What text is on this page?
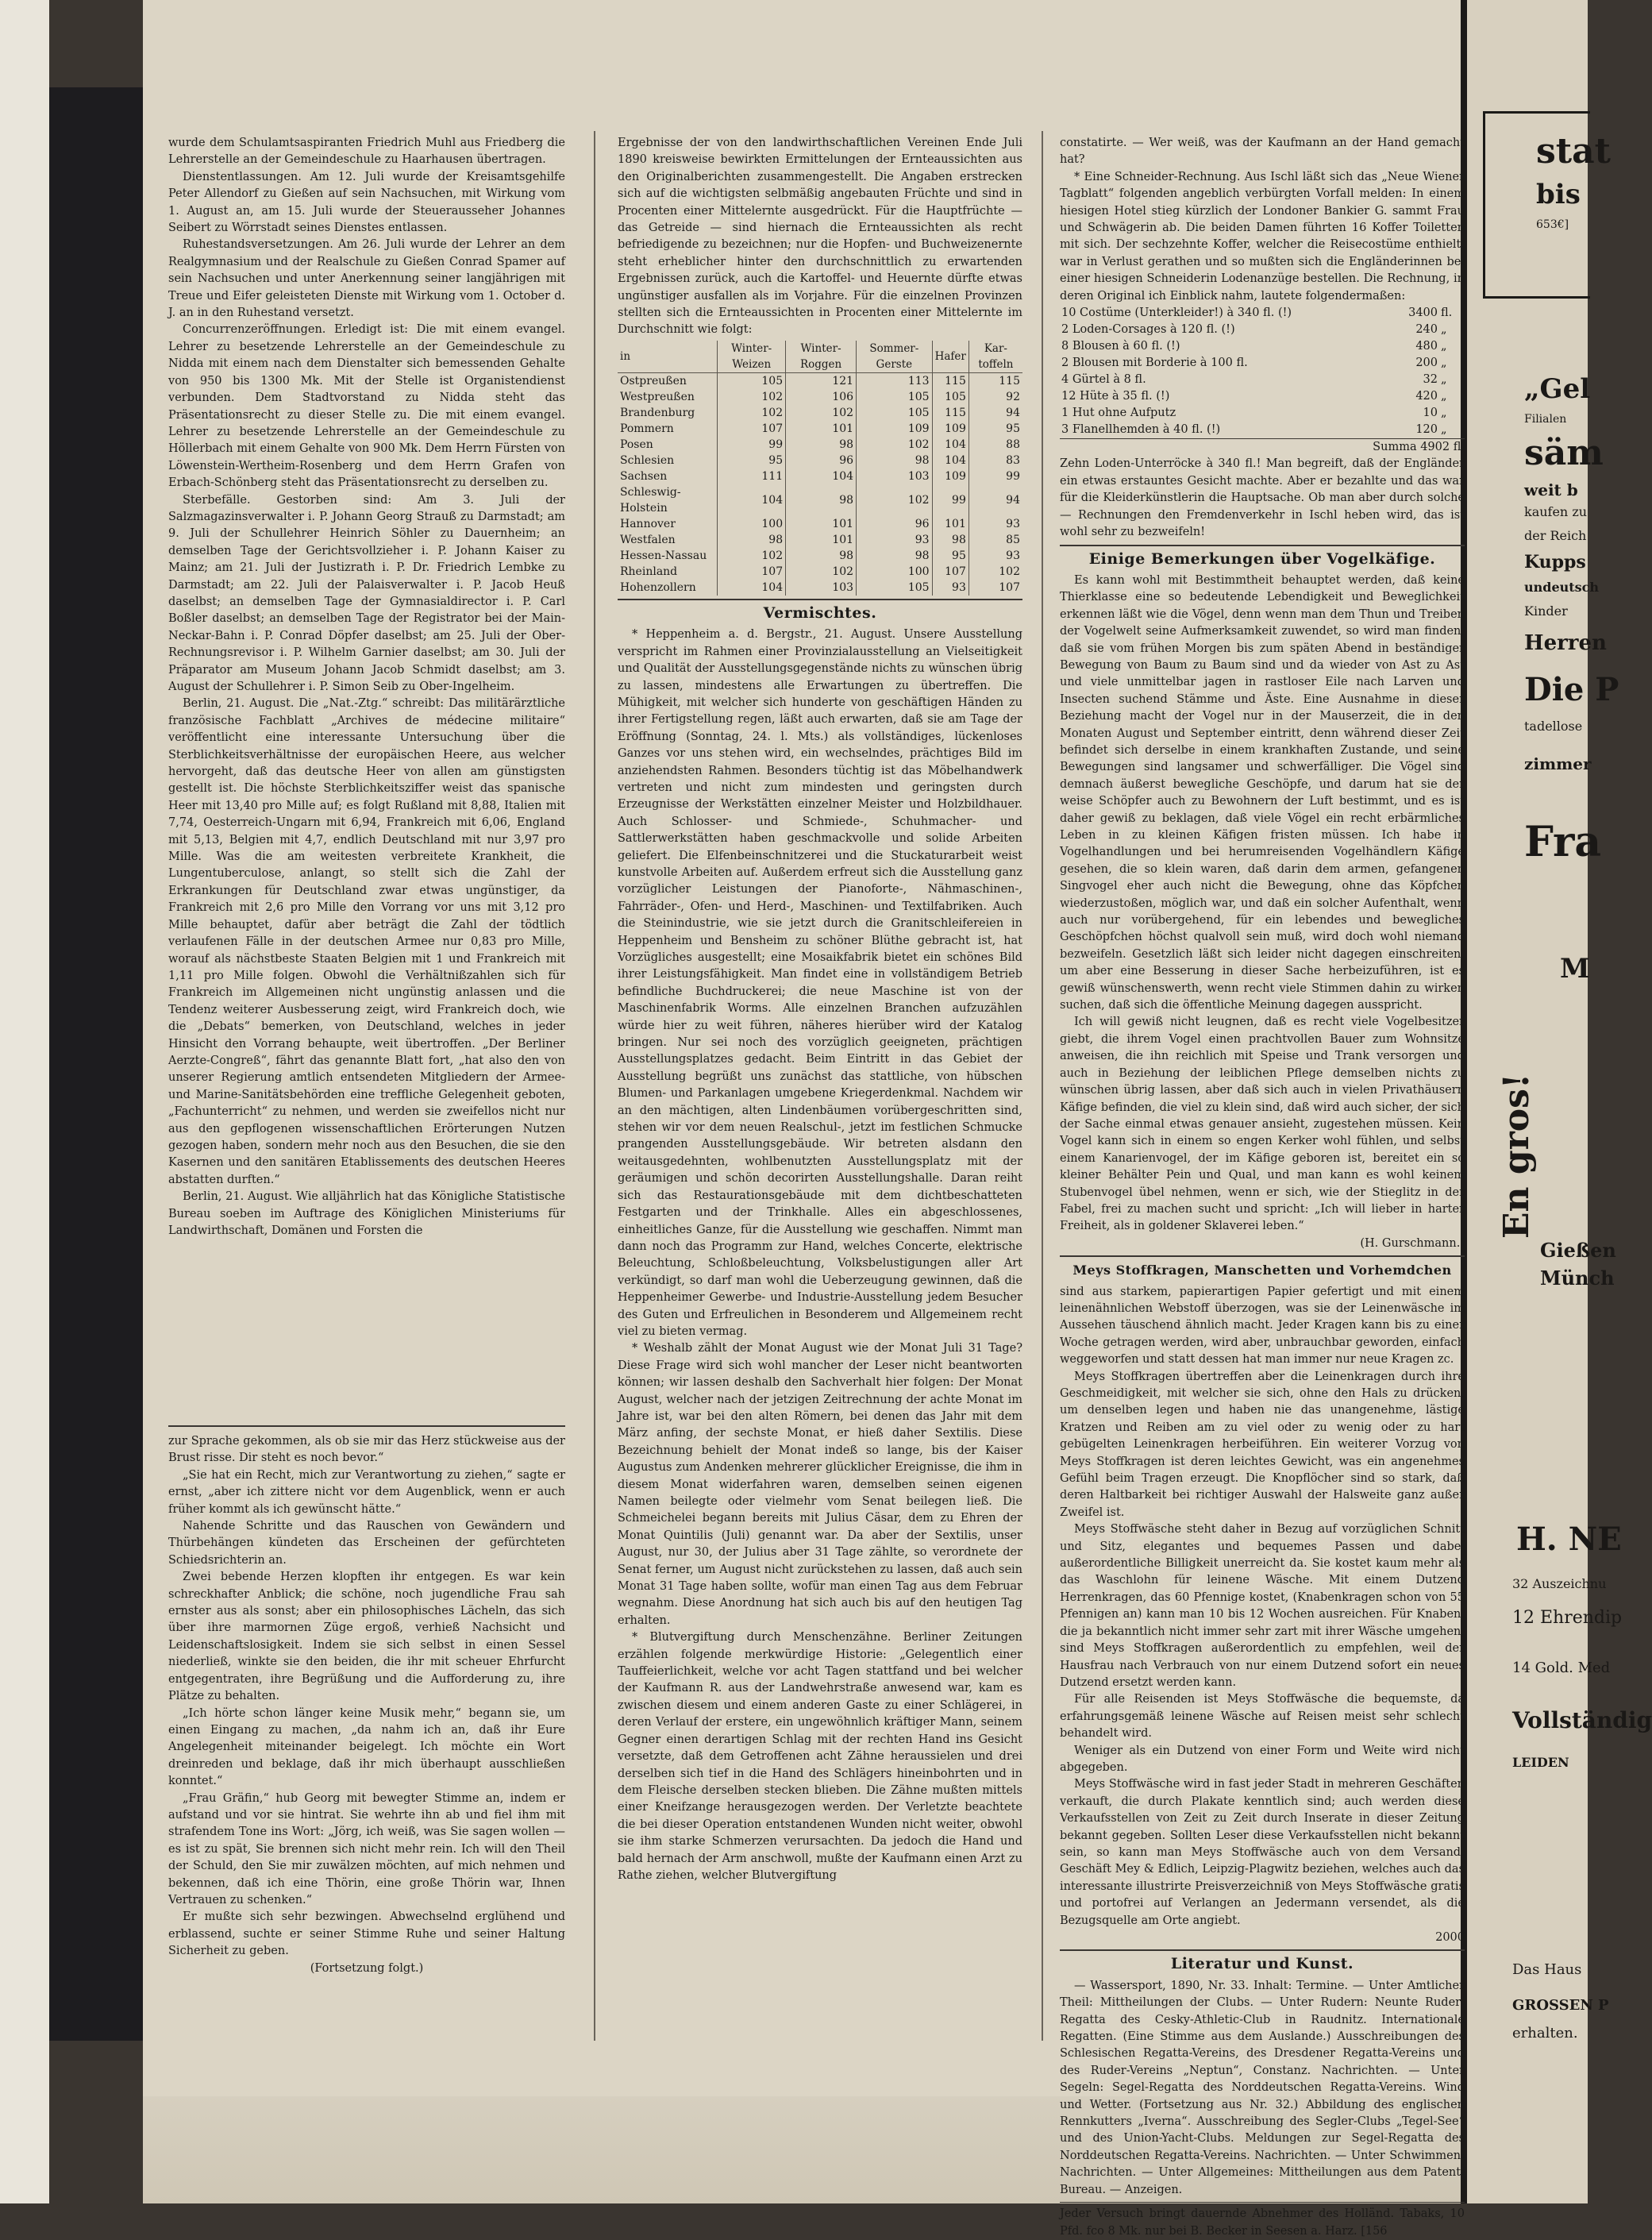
wurde dem Schulamtsaspiranten Friedrich Muhl aus Friedberg die Lehrerstelle an der Gemeindeschule zu Haarhausen übertragen.

Dienstentlassungen. Am 12. Juli wurde der Kreisamtsgehilfe Peter Allendorf zu Gießen auf sein Nachsuchen, mit Wirkung vom 1. August an, am 15. Juli wurde der Steuerausseher Johannes Seibert zu Wörrstadt seines Dienstes entlassen.

Ruhestandsversetzungen. Am 26. Juli wurde der Lehrer an dem Realgymnasium und der Realschule zu Gießen Conrad Spamer auf sein Nachsuchen und unter Anerkennung seiner langjährigen mit Treue und Eifer geleisteten Dienste mit Wirkung vom 1. October d. J. an in den Ruhestand versetzt.

Concurrenzeröffnungen. Erledigt ist: Die mit einem evangel. Lehrer zu besetzende Lehrerstelle an der Gemeindeschule zu Nidda mit einem nach dem Dienstalter sich bemessenden Gehalte von 950 bis 1300 Mk. Mit der Stelle ist Organistendienst verbunden. Dem Stadtvorstand zu Nidda steht das Präsentationsrecht zu dieser Stelle zu. Die mit einem evangel. Lehrer zu besetzende Lehrerstelle an der Gemeindeschule zu Höllerbach mit einem Gehalte von 900 Mk. Dem Herrn Fürsten von Löwenstein-Wertheim-Rosenberg und dem Herrn Grafen von Erbach-Schönberg steht das Präsentationsrecht zu derselben zu.

Sterbefälle. Gestorben sind: Am 3. Juli der Salzmagazinsverwalter i. P. Johann Georg Strauß zu Darmstadt; am 9. Juli der Schullehrer Heinrich Söhler zu Dauernheim; an demselben Tage der Gerichtsvollzieher i. P. Johann Kaiser zu Mainz; am 21. Juli der Justizrath i. P. Dr. Friedrich Lembke zu Darmstadt; am 22. Juli der Palaisverwalter i. P. Jacob Heuß daselbst; an demselben Tage der Gymnasialdirector i. P. Carl Boßler daselbst; an demselben Tage der Registrator bei der Main-Neckar-Bahn i. P. Conrad Döpfer daselbst; am 25. Juli der Ober-Rechnungsrevisor i. P. Wilhelm Garnier daselbst; am 30. Juli der Präparator am Museum Johann Jacob Schmidt daselbst; am 3. August der Schullehrer i. P. Simon Seib zu Ober-Ingelheim.

Berlin, 21. August. Die „Nat.-Ztg.“ schreibt: Das militärärztliche französische Fachblatt „Archives de médecine militaire“ veröffentlicht eine interessante Untersuchung über die Sterblichkeitsverhältnisse der europäischen Heere, aus welcher hervorgeht, daß das deutsche Heer von allen am günstigsten gestellt ist. Die höchste Sterblichkeitsziffer weist das spanische Heer mit 13,40 pro Mille auf; es folgt Rußland mit 8,88, Italien mit 7,74, Oesterreich-Ungarn mit 6,94, Frankreich mit 6,06, England mit 5,13, Belgien mit 4,7, endlich Deutschland mit nur 3,97 pro Mille. Was die am weitesten verbreitete Krankheit, die Lungentuberculose, anlangt, so stellt sich die Zahl der Erkrankungen für Deutschland zwar etwas ungünstiger, da Frankreich mit 2,6 pro Mille den Vorrang vor uns mit 3,12 pro Mille behauptet, dafür aber beträgt die Zahl der tödtlich verlaufenen Fälle in der deutschen Armee nur 0,83 pro Mille, worauf als nächstbeste Staaten Belgien mit 1 und Frankreich mit 1,11 pro Mille folgen. Obwohl die Verhältnißzahlen sich für Frankreich im Allgemeinen nicht ungünstig anlassen und die Tendenz weiterer Ausbesserung zeigt, wird Frankreich doch, wie die „Debats“ bemerken, von Deutschland, welches in jeder Hinsicht den Vorrang behaupte, weit übertroffen. „Der Berliner Aerzte-Congreß“, fährt das genannte Blatt fort, „hat also den von unserer Regierung amtlich entsendeten Mitgliedern der Armee- und Marine-Sanitätsbehörden eine treffliche Gelegenheit geboten, „Fachunterricht“ zu nehmen, und werden sie zweifellos nicht nur aus den gepflogenen wissenschaftlichen Erörterungen Nutzen gezogen haben, sondern mehr noch aus den Besuchen, die sie den Kasernen und den sanitären Etablissements des deutschen Heeres abstatten durften.“

Berlin, 21. August. Wie alljährlich hat das Königliche Statistische Bureau soeben im Auftrage des Königlichen Ministeriums für Landwirthschaft, Domänen und Forsten die

zur Sprache gekommen, als ob sie mir das Herz stückweise aus der Brust risse. Dir steht es noch bevor.“

„Sie hat ein Recht, mich zur Verantwortung zu ziehen,“ sagte er ernst, „aber ich zittere nicht vor dem Augenblick, wenn er auch früher kommt als ich gewünscht hätte.“

Nahende Schritte und das Rauschen von Gewändern und Thürbehängen kündeten das Erscheinen der gefürchteten Schiedsrichterin an.

Zwei bebende Herzen klopften ihr entgegen. Es war kein schreckhafter Anblick; die schöne, noch jugendliche Frau sah ernster aus als sonst; aber ein philosophisches Lächeln, das sich über ihre marmornen Züge ergoß, verhieß Nachsicht und Leidenschaftslosigkeit. Indem sie sich selbst in einen Sessel niederließ, winkte sie den beiden, die ihr mit scheuer Ehrfurcht entgegentraten, ihre Begrüßung und die Aufforderung zu, ihre Plätze zu behalten.

„Ich hörte schon länger keine Musik mehr,“ begann sie, um einen Eingang zu machen, „da nahm ich an, daß ihr Eure Angelegenheit miteinander beigelegt. Ich möchte ein Wort dreinreden und beklage, daß ihr mich überhaupt ausschließen konntet.“

„Frau Gräfin,“ hub Georg mit bewegter Stimme an, indem er aufstand und vor sie hintrat. Sie wehrte ihn ab und fiel ihm mit strafendem Tone ins Wort: „Jörg, ich weiß, was Sie sagen wollen — es ist zu spät, Sie brennen sich nicht mehr rein. Ich will den Theil der Schuld, den Sie mir zuwälzen möchten, auf mich nehmen und bekennen, daß ich eine Thörin, eine große Thörin war, Ihnen Vertrauen zu schenken.“

Er mußte sich sehr bezwingen. Abwechselnd erglühend und erblassend, suchte er seiner Stimme Ruhe und seiner Haltung Sicherheit zu geben.

(Fortsetzung folgt.)

Ergebnisse der von den landwirthschaftlichen Vereinen Ende Juli 1890 kreisweise bewirkten Ermittelungen der Ernteaussichten aus den Originalberichten zusammengestellt. Die Angaben erstrecken sich auf die wichtigsten selbmäßig angebauten Früchte und sind in Procenten einer Mittelernte ausgedrückt. Für die Hauptfrüchte — das Getreide — sind hiernach die Ernteaussichten als recht befriedigende zu bezeichnen; nur die Hopfen- und Buchweizenernte steht erheblicher hinter den durchschnittlich zu erwartenden Ergebnissen zurück, auch die Kartoffel- und Heuernte dürfte etwas ungünstiger ausfallen als im Vorjahre. Für die einzelnen Provinzen stellten sich die Ernteaussichten in Procenten einer Mittelernte im Durchschnitt wie folgt:

in	Winter-Weizen	Winter-Roggen	Sommer-Gerste	Hafer	Kar-toffeln
Ostpreußen	105	121	113	115	115
Westpreußen	102	106	105	105	92
Brandenburg	102	102	105	115	94
Pommern	107	101	109	109	95
Posen	99	98	102	104	88
Schlesien	95	96	98	104	83
Sachsen	111	104	103	109	99
Schleswig-Holstein	104	98	102	99	94
Hannover	100	101	96	101	93
Westfalen	98	101	93	98	85
Hessen-Nassau	102	98	98	95	93
Rheinland	107	102	100	107	102
Hohenzollern	104	103	105	93	107
Vermischtes.

* Heppenheim a. d. Bergstr., 21. August. Unsere Ausstellung verspricht im Rahmen einer Provinzialausstellung an Vielseitigkeit und Qualität der Ausstellungsgegenstände nichts zu wünschen übrig zu lassen, mindestens alle Erwartungen zu übertreffen. Die Mühigkeit, mit welcher sich hunderte von geschäftigen Händen zu ihrer Fertigstellung regen, läßt auch erwarten, daß sie am Tage der Eröffnung (Sonntag, 24. l. Mts.) als vollständiges, lückenloses Ganzes vor uns stehen wird, ein wechselndes, prächtiges Bild im anziehendsten Rahmen. Besonders tüchtig ist das Möbelhandwerk vertreten und nicht zum mindesten und geringsten durch Erzeugnisse der Werkstätten einzelner Meister und Holzbildhauer. Auch Schlosser- und Schmiede-, Schuhmacher- und Sattlerwerkstätten haben geschmackvolle und solide Arbeiten geliefert. Die Elfenbeinschnitzerei und die Stuckaturarbeit weist kunstvolle Arbeiten auf. Außerdem erfreut sich die Ausstellung ganz vorzüglicher Leistungen der Pianoforte-, Nähmaschinen-, Fahrräder-, Ofen- und Herd-, Maschinen- und Textilfabriken. Auch die Steinindustrie, wie sie jetzt durch die Granitschleifereien in Heppenheim und Bensheim zu schöner Blüthe gebracht ist, hat Vorzügliches ausgestellt; eine Mosaikfabrik bietet ein schönes Bild ihrer Leistungsfähigkeit. Man findet eine in vollständigem Betrieb befindliche Buchdruckerei; die neue Maschine ist von der Maschinenfabrik Worms. Alle einzelnen Branchen aufzuzählen würde hier zu weit führen, näheres hierüber wird der Katalog bringen. Nur sei noch des vorzüglich geeigneten, prächtigen Ausstellungsplatzes gedacht. Beim Eintritt in das Gebiet der Ausstellung begrüßt uns zunächst das stattliche, von hübschen Blumen- und Parkanlagen umgebene Kriegerdenkmal. Nachdem wir an den mächtigen, alten Lindenbäumen vorübergeschritten sind, stehen wir vor dem neuen Realschul-, jetzt im festlichen Schmucke prangenden Ausstellungsgebäude. Wir betreten alsdann den weitausgedehnten, wohlbenutzten Ausstellungsplatz mit der geräumigen und schön decorirten Ausstellungshalle. Daran reiht sich das Restaurationsgebäude mit dem dichtbeschatteten Festgarten und der Trinkhalle. Alles ein abgeschlossenes, einheitliches Ganze, für die Ausstellung wie geschaffen. Nimmt man dann noch das Programm zur Hand, welches Concerte, elektrische Beleuchtung, Schloßbeleuchtung, Volksbelustigungen aller Art verkündigt, so darf man wohl die Ueberzeugung gewinnen, daß die Heppenheimer Gewerbe- und Industrie-Ausstellung jedem Besucher des Guten und Erfreulichen in Besonderem und Allgemeinem recht viel zu bieten vermag.

* Weshalb zählt der Monat August wie der Monat Juli 31 Tage? Diese Frage wird sich wohl mancher der Leser nicht beantworten können; wir lassen deshalb den Sachverhalt hier folgen: Der Monat August, welcher nach der jetzigen Zeitrechnung der achte Monat im Jahre ist, war bei den alten Römern, bei denen das Jahr mit dem März anfing, der sechste Monat, er hieß daher Sextilis. Diese Bezeichnung behielt der Monat indeß so lange, bis der Kaiser Augustus zum Andenken mehrerer glücklicher Ereignisse, die ihm in diesem Monat widerfahren waren, demselben seinen eigenen Namen beilegte oder vielmehr vom Senat beilegen ließ. Die Schmeichelei begann bereits mit Julius Cäsar, dem zu Ehren der Monat Quintilis (Juli) genannt war. Da aber der Sextilis, unser August, nur 30, der Julius aber 31 Tage zählte, so verordnete der Senat ferner, um August nicht zurückstehen zu lassen, daß auch sein Monat 31 Tage haben sollte, wofür man einen Tag aus dem Februar wegnahm. Diese Anordnung hat sich auch bis auf den heutigen Tag erhalten.

* Blutvergiftung durch Menschenzähne. Berliner Zeitungen erzählen folgende merkwürdige Historie: „Gelegentlich einer Tauffeierlichkeit, welche vor acht Tagen stattfand und bei welcher der Kaufmann R. aus der Landwehrstraße anwesend war, kam es zwischen diesem und einem anderen Gaste zu einer Schlägerei, in deren Verlauf der erstere, ein ungewöhnlich kräftiger Mann, seinem Gegner einen derartigen Schlag mit der rechten Hand ins Gesicht versetzte, daß dem Getroffenen acht Zähne heraussielen und drei derselben sich tief in die Hand des Schlägers hineinbohrten und in dem Fleische derselben stecken blieben. Die Zähne mußten mittels einer Kneifzange herausgezogen werden. Der Verletzte beachtete die bei dieser Operation entstandenen Wunden nicht weiter, obwohl sie ihm starke Schmerzen verursachten. Da jedoch die Hand und bald hernach der Arm anschwoll, mußte der Kaufmann einen Arzt zu Rathe ziehen, welcher Blutvergiftung

constatirte. — Wer weiß, was der Kaufmann an der Hand gemacht hat?

* Eine Schneider-Rechnung. Aus Ischl läßt sich das „Neue Wiener Tagblatt“ folgenden angeblich verbürgten Vorfall melden: In einem hiesigen Hotel stieg kürzlich der Londoner Bankier G. sammt Frau und Schwägerin ab. Die beiden Damen führten 16 Koffer Toiletten mit sich. Der sechzehnte Koffer, welcher die Reisecostüme enthielt, war in Verlust gerathen und so mußten sich die Engländerinnen bei einer hiesigen Schneiderin Lodenanzüge bestellen. Die Rechnung, in deren Original ich Einblick nahm, lautete folgendermaßen:

10 Costüme (Unterkleider!) à 340 fl. (!)	3400	fl.
2 Loden-Corsages à 120 fl. (!)	240	„
8 Blousen à 60 fl. (!)	480	„
2 Blousen mit Borderie à 100 fl.	200	„
4 Gürtel à 8 fl.	32	„
12 Hüte à 35 fl. (!)	420	„
1 Hut ohne Aufputz	10	„
3 Flanellhemden à 40 fl. (!)	120	„

Summa 4902 fl.

Zehn Loden-Unterröcke à 340 fl.! Man begreift, daß der Engländer ein etwas erstauntes Gesicht machte. Aber er bezahlte und das war für die Kleiderkünstlerin die Hauptsache. Ob man aber durch solche — Rechnungen den Fremdenverkehr in Ischl heben wird, das ist wohl sehr zu bezweifeln!

Einige Bemerkungen über Vogelkäfige.

Es kann wohl mit Bestimmtheit behauptet werden, daß keine Thierklasse eine so bedeutende Lebendigkeit und Beweglichkeit erkennen läßt wie die Vögel, denn wenn man dem Thun und Treiben der Vogelwelt seine Aufmerksamkeit zuwendet, so wird man finden, daß sie vom frühen Morgen bis zum späten Abend in beständiger Bewegung von Baum zu Baum sind und da wieder von Ast zu Ast und viele unmittelbar jagen in rastloser Eile nach Larven und Insecten suchend Stämme und Äste. Eine Ausnahme in dieser Beziehung macht der Vogel nur in der Mauserzeit, die in den Monaten August und September eintritt, denn während dieser Zeit befindet sich derselbe in einem krankhaften Zustande, und seine Bewegungen sind langsamer und schwerfälliger. Die Vögel sind demnach äußerst bewegliche Geschöpfe, und darum hat sie der weise Schöpfer auch zu Bewohnern der Luft bestimmt, und es ist daher gewiß zu beklagen, daß viele Vögel ein recht erbärmliches Leben in zu kleinen Käfigen fristen müssen. Ich habe in Vogelhandlungen und bei herumreisenden Vogelhändlern Käfige gesehen, die so klein waren, daß darin dem armen, gefangenen Singvogel eher auch nicht die Bewegung, ohne das Köpfchen wiederzustoßen, möglich war, und daß ein solcher Aufenthalt, wenn auch nur vorübergehend, für ein lebendes und bewegliches Geschöpfchen höchst qualvoll sein muß, wird doch wohl niemand bezweifeln. Gesetzlich läßt sich leider nicht dagegen einschreiten, um aber eine Besserung in dieser Sache herbeizuführen, ist es gewiß wünschenswerth, wenn recht viele Stimmen dahin zu wirken suchen, daß sich die öffentliche Meinung dagegen ausspricht.

Ich will gewiß nicht leugnen, daß es recht viele Vogelbesitzer giebt, die ihrem Vogel einen prachtvollen Bauer zum Wohnsitze anweisen, die ihn reichlich mit Speise und Trank versorgen und auch in Beziehung der leiblichen Pflege demselben nichts zu wünschen übrig lassen, aber daß sich auch in vielen Privathäusern Käfige befinden, die viel zu klein sind, daß wird auch sicher, der sich der Sache einmal etwas genauer ansieht, zugestehen müssen. Kein Vogel kann sich in einem so engen Kerker wohl fühlen, und selbst einem Kanarienvogel, der im Käfige geboren ist, bereitet ein so kleiner Behälter Pein und Qual, und man kann es wohl keinem Stubenvogel übel nehmen, wenn er sich, wie der Stieglitz in der Fabel, frei zu machen sucht und spricht: „Ich will lieber in harter Freiheit, als in goldener Sklaverei leben.“

(H. Gurschmann.)

Meys Stoffkragen, Manschetten und Vorhemdchen

sind aus starkem, papierartigen Papier gefertigt und mit einem leinenähnlichen Webstoff überzogen, was sie der Leinenwäsche im Aussehen täuschend ähnlich macht. Jeder Kragen kann bis zu einer Woche getragen werden, wird aber, unbrauchbar geworden, einfach weggeworfen und statt dessen hat man immer nur neue Kragen zc.

Meys Stoffkragen übertreffen aber die Leinenkragen durch ihre Geschmeidigkeit, mit welcher sie sich, ohne den Hals zu drücken, um denselben legen und haben nie das unangenehme, lästige Kratzen und Reiben am zu viel oder zu wenig oder zu hart gebügelten Leinenkragen herbeiführen. Ein weiterer Vorzug von Meys Stoffkragen ist deren leichtes Gewicht, was ein angenehmes Gefühl beim Tragen erzeugt. Die Knopflöcher sind so stark, daß deren Haltbarkeit bei richtiger Auswahl der Halsweite ganz außer Zweifel ist.

Meys Stoffwäsche steht daher in Bezug auf vorzüglichen Schnitt und Sitz, elegantes und bequemes Passen und dabei außerordentliche Billigkeit unerreicht da. Sie kostet kaum mehr als das Waschlohn für leinene Wäsche. Mit einem Dutzend Herrenkragen, das 60 Pfennige kostet, (Knabenkragen schon von 55 Pfennigen an) kann man 10 bis 12 Wochen ausreichen. Für Knaben, die ja bekanntlich nicht immer sehr zart mit ihrer Wäsche umgehen, sind Meys Stoffkragen außerordentlich zu empfehlen, weil der Hausfrau nach Verbrauch von nur einem Dutzend sofort ein neues Dutzend ersetzt werden kann.

Für alle Reisenden ist Meys Stoffwäsche die bequemste, da erfahrungsgemäß leinene Wäsche auf Reisen meist sehr schlecht behandelt wird.

Weniger als ein Dutzend von einer Form und Weite wird nicht abgegeben.

Meys Stoffwäsche wird in fast jeder Stadt in mehreren Geschäften verkauft, die durch Plakate kenntlich sind; auch werden diese Verkaufsstellen von Zeit zu Zeit durch Inserate in dieser Zeitung bekannt gegeben. Sollten Leser diese Verkaufsstellen nicht bekannt sein, so kann man Meys Stoffwäsche auch von dem Versand-Geschäft Mey & Edlich, Leipzig-Plagwitz beziehen, welches auch das interessante illustrirte Preisverzeichniß von Meys Stoffwäsche gratis und portofrei auf Verlangen an Jedermann versendet, als die Bezugsquelle am Orte angiebt.

2000

Literatur und Kunst.

— Wassersport, 1890, Nr. 33. Inhalt: Termine. — Unter Amtlicher Theil: Mittheilungen der Clubs. — Unter Rudern: Neunte Ruder-Regatta des Cesky-Athletic-Club in Raudnitz. Internationale Regatten. (Eine Stimme aus dem Auslande.) Ausschreibungen des Schlesischen Regatta-Vereins, des Dresdener Regatta-Vereins und des Ruder-Vereins „Neptun“, Constanz. Nachrichten. — Unter Segeln: Segel-Regatta des Norddeutschen Regatta-Vereins. Wind und Wetter. (Fortsetzung aus Nr. 32.) Abbildung des englischen Rennkutters „Iverna“. Ausschreibung des Segler-Clubs „Tegel-See“ und des Union-Yacht-Clubs. Meldungen zur Segel-Regatta des Norddeutschen Regatta-Vereins. Nachrichten. — Unter Schwimmen: Nachrichten. — Unter Allgemeines: Mittheilungen aus dem Patent-Bureau. — Anzeigen.

Jeder Versuch bringt dauernde Abnehmer des Holländ. Tabaks, 10 Pfd. fco 8 Mk. nur bei B. Becker in Seesen a. Harz. [156

stat
bis
653€]
„Gel
Filialen
säm
weit b
kaufen zu
der Reich
Kupps
undeutsch
Kinder
Herren
Die P
tadellose
zimmer
Fra
En gros!
M
Gießen
Münch
H. NE
32 Auszeichnu
12 Ehrendip
14 Gold. Med
Vollständig
LEIDEN
Das Haus
GROSSEN P
erhalten.
